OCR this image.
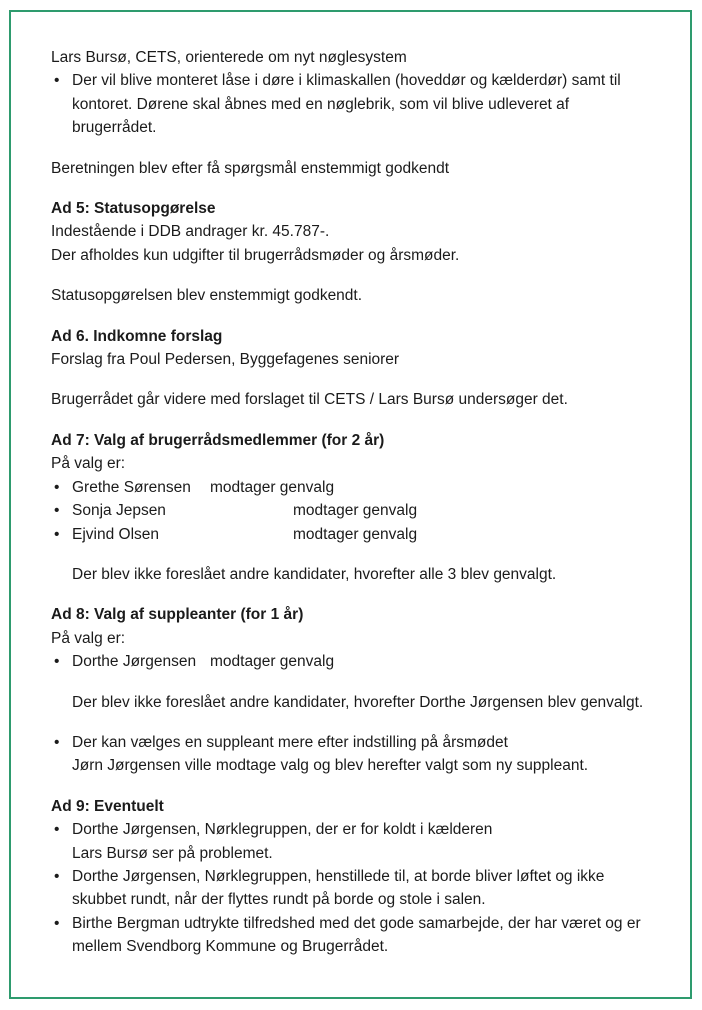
Lars Bursø, CETS, orienterede om nyt nøglesystem
• Der vil blive monteret låse i døre i klimaskallen (hoveddør og kælderdør) samt til
kontoret. Dørene skal åbnes med en nøglebrik, som vil blive udleveret af
brugerrådet.
Beretningen blev efter få spørgsmål enstemmigt godkendt
Ad 5: Statusopgørelse
Indestående i DDB andrager kr. 45.787-.
Der afholdes kun udgifter til brugerrådsmøder og årsmøder.
Statusopgørelsen blev enstemmigt godkendt.
Ad 6. Indkomne forslag
Forslag fra Poul Pedersen, Byggefagenes seniorer
Brugerrådet går videre med forslaget til CETS / Lars Bursø undersøger det.
Ad 7: Valg af brugerrådsmedlemmer (for 2 år)
På valg er:
• Grethe Sørensen modtager genvalg
• Sonja Jepsen	modtager genvalg
• Ejvind Olsen	modtager genvalg
Der blev ikke foreslået andre kandidater, hvorefter alle 3 blev genvalgt.
Ad 8: Valg af suppleanter (for 1 år)
På valg er:
• Dorthe Jørgensen modtager genvalg
Der blev ikke foreslået andre kandidater, hvorefter Dorthe Jørgensen blev genvalgt.
• Der kan vælges en suppleant mere efter indstilling på årsmødet
Jørn Jørgensen ville modtage valg og blev herefter valgt som ny suppleant.
Ad 9: Eventuelt
• Dorthe Jørgensen, Nørklegruppen, der er for koldt i kælderen
Lars Bursø ser på problemet.
• Dorthe Jørgensen, Nørklegruppen, henstillede til, at borde bliver løftet og ikke
skubbet rundt, når der flyttes rundt på borde og stole i salen.
• Birthe Bergman udtrykte tilfredshed med det gode samarbejde, der har været og er
mellem Svendborg Kommune og Brugerrådet.
